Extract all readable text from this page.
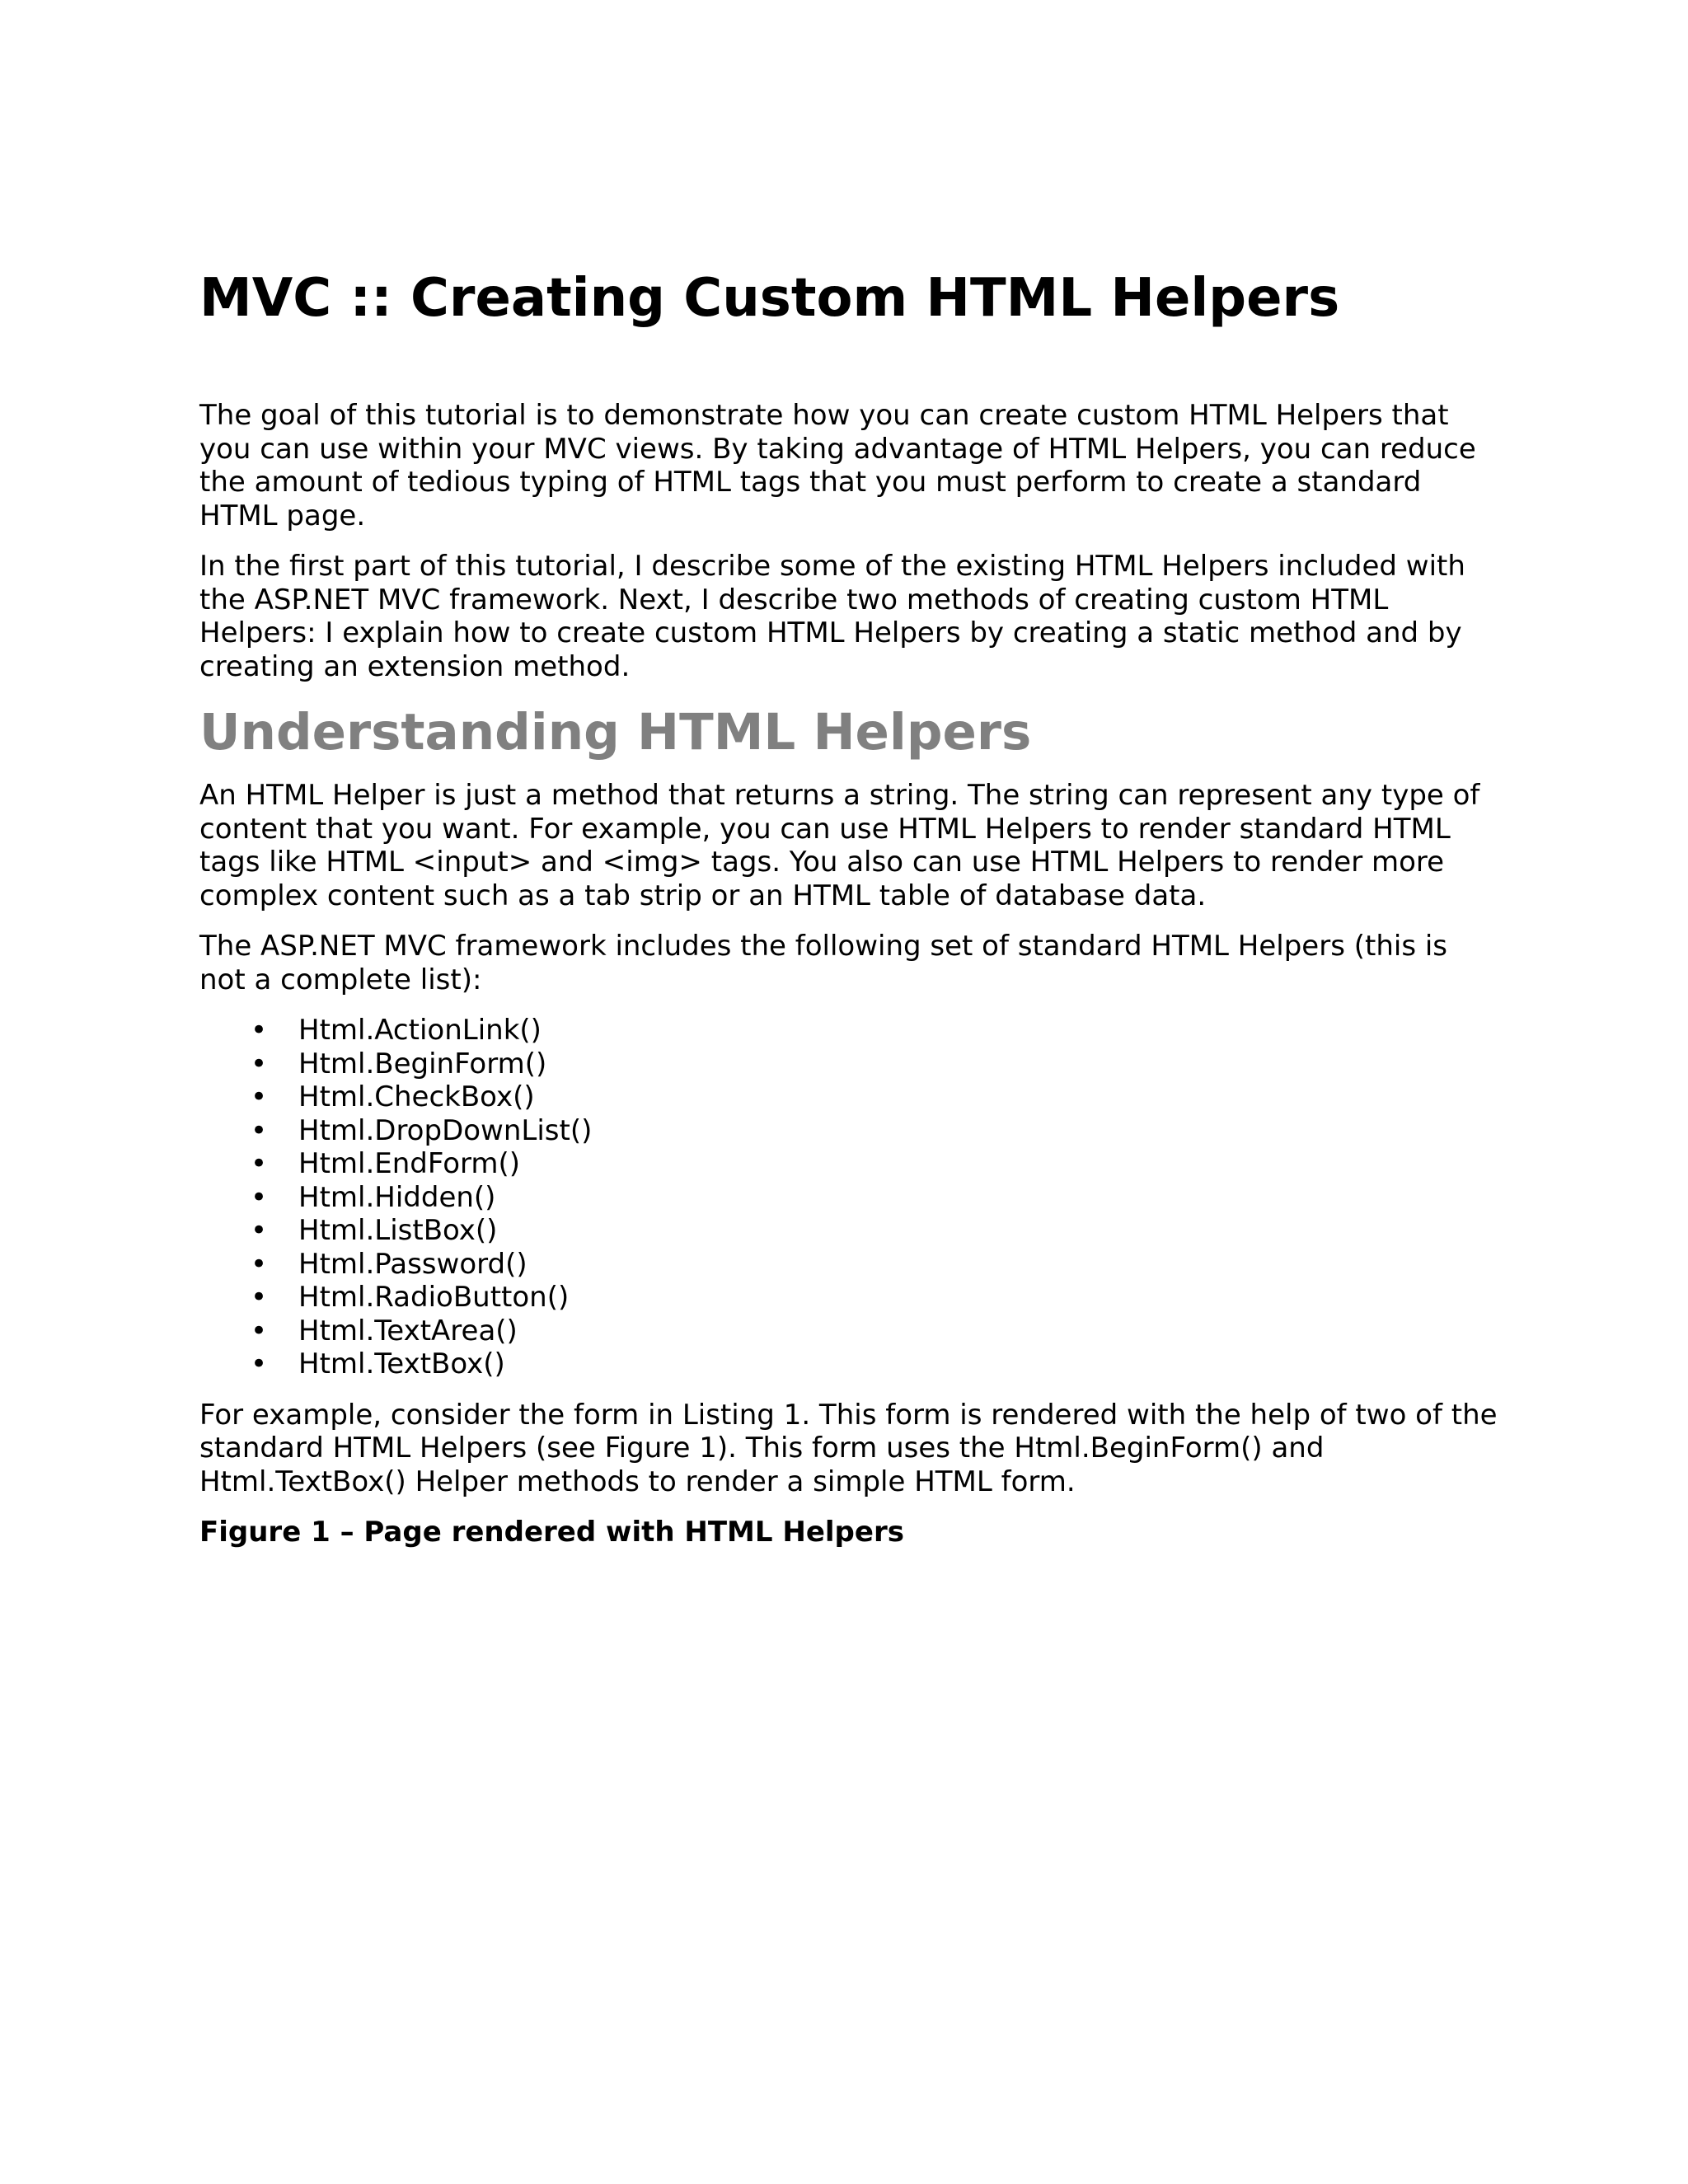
MVC :: Creating Custom HTML Helpers

The goal of this tutorial is to demonstrate how you can create custom HTML Helpers that you can use within your MVC views. By taking advantage of HTML Helpers, you can reduce the amount of tedious typing of HTML tags that you must perform to create a standard HTML page.

In the first part of this tutorial, I describe some of the existing HTML Helpers included with the ASP.NET MVC framework. Next, I describe two methods of creating custom HTML Helpers: I explain how to create custom HTML Helpers by creating a static method and by creating an extension method.

Understanding HTML Helpers

An HTML Helper is just a method that returns a string. The string can represent any type of content that you want. For example, you can use HTML Helpers to render standard HTML tags like HTML <input> and <img> tags. You also can use HTML Helpers to render more complex content such as a tab strip or an HTML table of database data.

The ASP.NET MVC framework includes the following set of standard HTML Helpers (this is not a complete list):

• Html.ActionLink()
• Html.BeginForm()
• Html.CheckBox()
• Html.DropDownList()
• Html.EndForm()
• Html.Hidden()
• Html.ListBox()
• Html.Password()
• Html.RadioButton()
• Html.TextArea()
• Html.TextBox()

For example, consider the form in Listing 1. This form is rendered with the help of two of the standard HTML Helpers (see Figure 1). This form uses the Html.BeginForm() and Html.TextBox() Helper methods to render a simple HTML form.

Figure 1 – Page rendered with HTML Helpers
